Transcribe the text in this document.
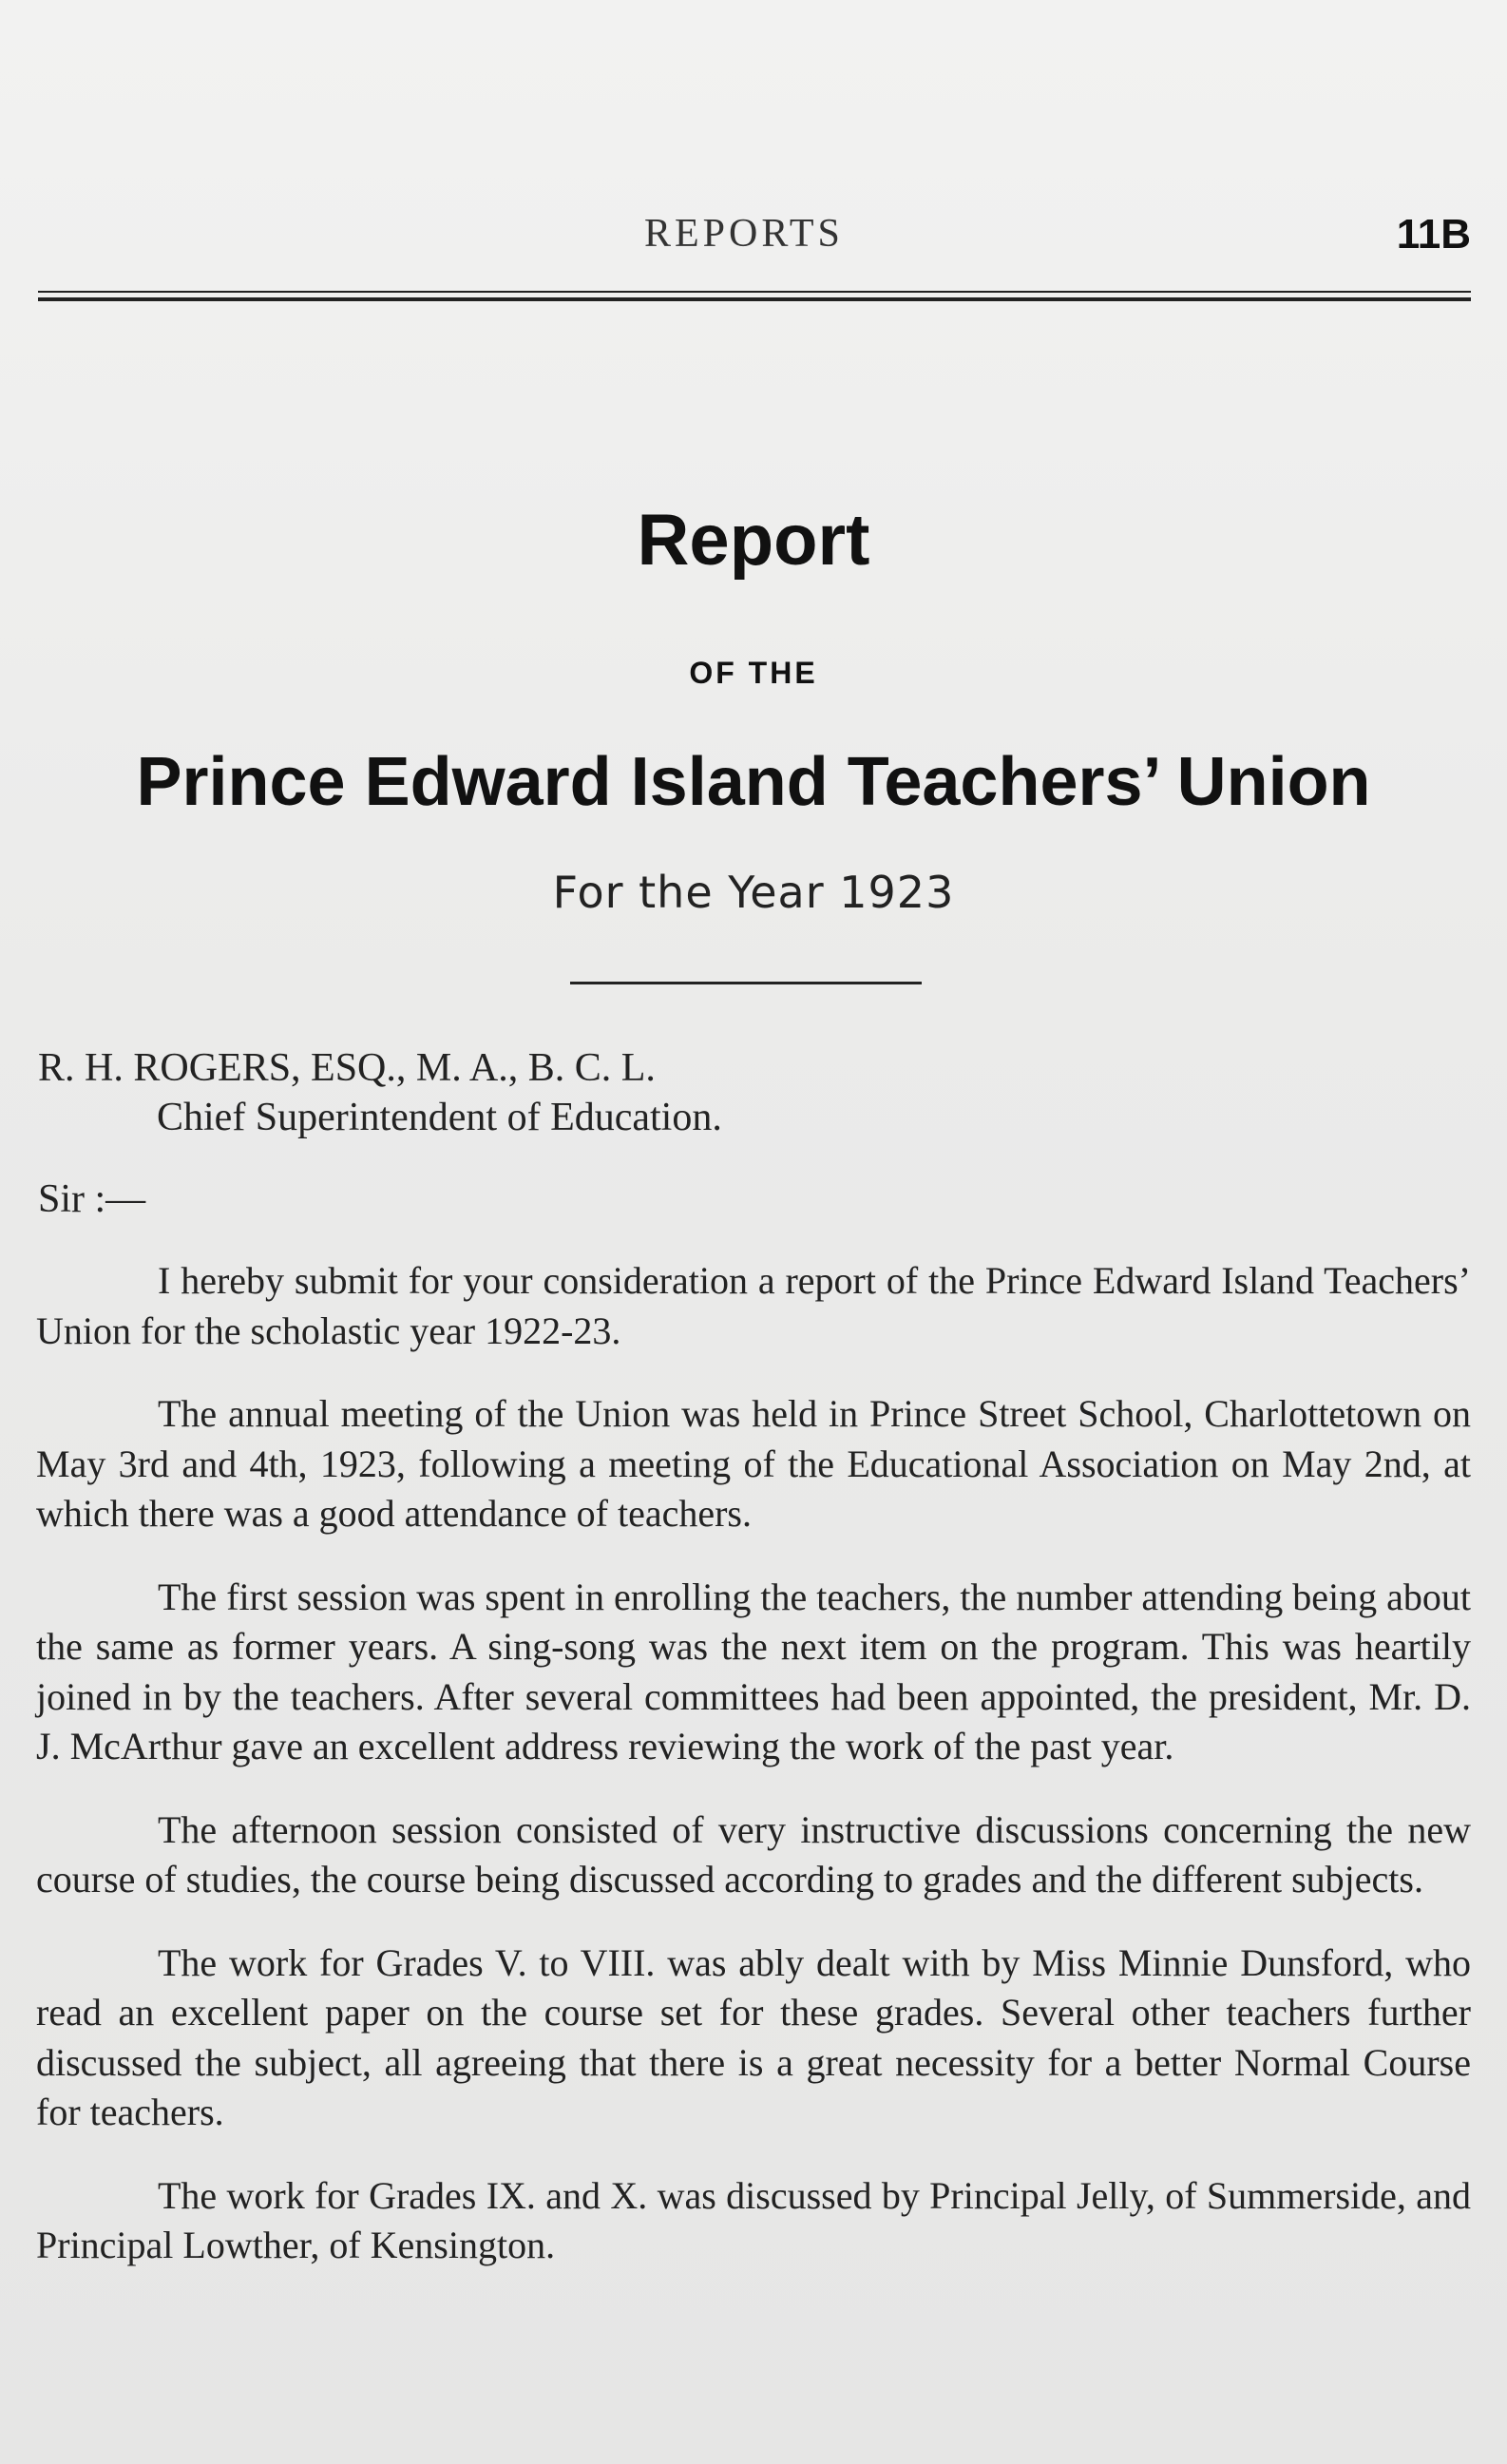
REPORTS	11B
Report
OF THE
Prince Edward Island Teachers’ Union
For the Year 1923
R. H. ROGERS, ESQ., M. A., B. C. L.
Chief Superintendent of Education.
Sir :—

I hereby submit for your consideration a report of the Prince Edward Island Teachers’ Union for the scholastic year 1922-23.

The annual meeting of the Union was held in Prince Street School, Charlottetown on May 3rd and 4th, 1923, following a meeting of the Educational Association on May 2nd, at which there was a good attendance of teachers.

The first session was spent in enrolling the teachers, the number attending being about the same as former years. A sing-song was the next item on the program. This was heartily joined in by the teachers. After several committees had been appointed, the president, Mr. D. J. McArthur gave an excellent address reviewing the work of the past year.

The afternoon session consisted of very instructive discussions concerning the new course of studies, the course being discussed according to grades and the different subjects.

The work for Grades V. to VIII. was ably dealt with by Miss Minnie Dunsford, who read an excellent paper on the course set for these grades. Several other teachers further discussed the subject, all agreeing that there is a great necessity for a better Normal Course for teachers.

The work for Grades IX. and X. was discussed by Principal Jelly, of Summerside, and Principal Lowther, of Kensington.
